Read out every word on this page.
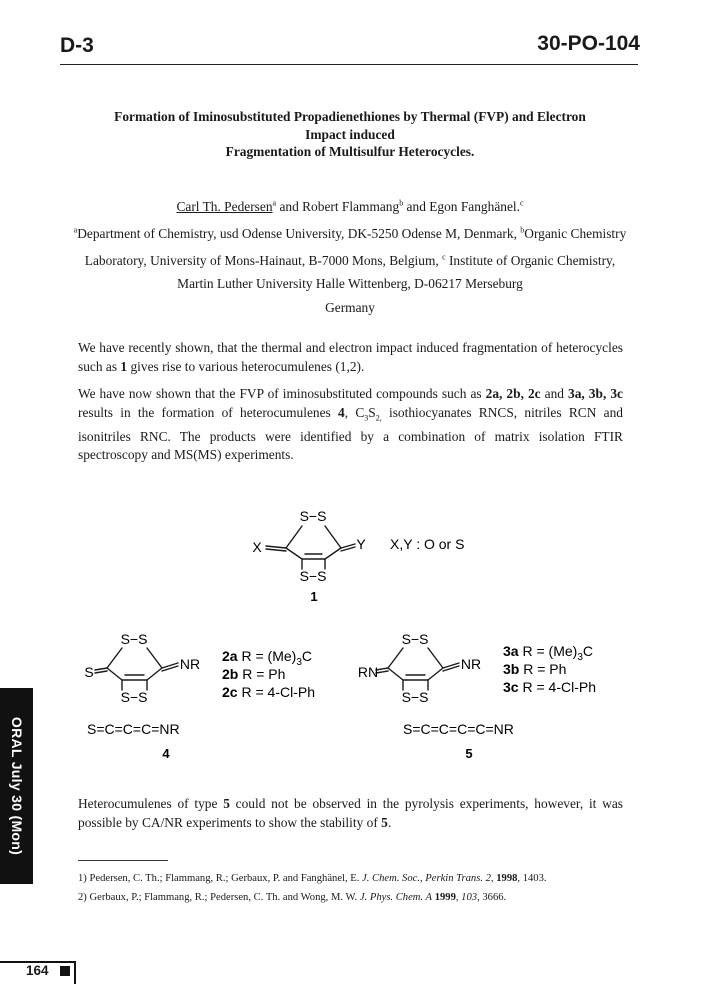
D-3	30-PO-104
Formation of Iminosubstituted Propadienethiones by Thermal (FVP) and Electron
Impact induced
Fragmentation of Multisulfur Heterocycles.
Carl Th. Pedersen$^a$ and Robert Flammang$^b$ and Egon Fanghänel.$^c$
$^a$Department of Chemistry, usd Odense University, DK-5250 Odense M, Denmark, $^b$Organic Chemistry Laboratory, University of Mons-Hainaut, B-7000 Mons, Belgium, $^c$ Institute of Organic Chemistry, Martin Luther University Halle Wittenberg, D-06217 Merseburg
Germany
We have recently shown, that the thermal and electron impact induced fragmentation of heterocycles such as 1 gives rise to various heterocumulenes (1,2).
We have now shown that the FVP of iminosubstituted compounds such as 2a, 2b, 2c and 3a, 3b, 3c results in the formation of heterocumulenes 4, $C_3S_{2,}$ isothiocyanates RNCS, nitriles RCN and isonitriles RNC. The products were identified by a combination of matrix isolation FTIR spectroscopy and MS(MS) experiments.
S−S
S−S
X	Y X,Y : O or S
1
S−S
S−S
S	NR 2a $R = (Me)_3C$
2b R = Ph
2c R = 4-Cl-Ph
S=C=C=C=NR
4
S−S
S−S
RN	NR
3a $R = (Me)_3C$
3b R = Ph
3c R = 4-Cl-Ph
S=C=C=C=C=NR
5
Heterocumulenes of type 5 could not be observed in the pyrolysis experiments, however, it was possible by CA/NR experiments to show the stability of 5.
1) Pedersen, C. Th.; Flammang, R.; Gerbaux, P. and Fanghänel, E. J. Chem. Soc., Perkin Trans. 2, 1998, 1403.
2) Gerbaux, P.; Flammang, R.; Pedersen, C. Th. and Wong, M. W. J. Phys. Chem. A 1999, 103, 3666.
ORAL July 30 (Mon)
164
